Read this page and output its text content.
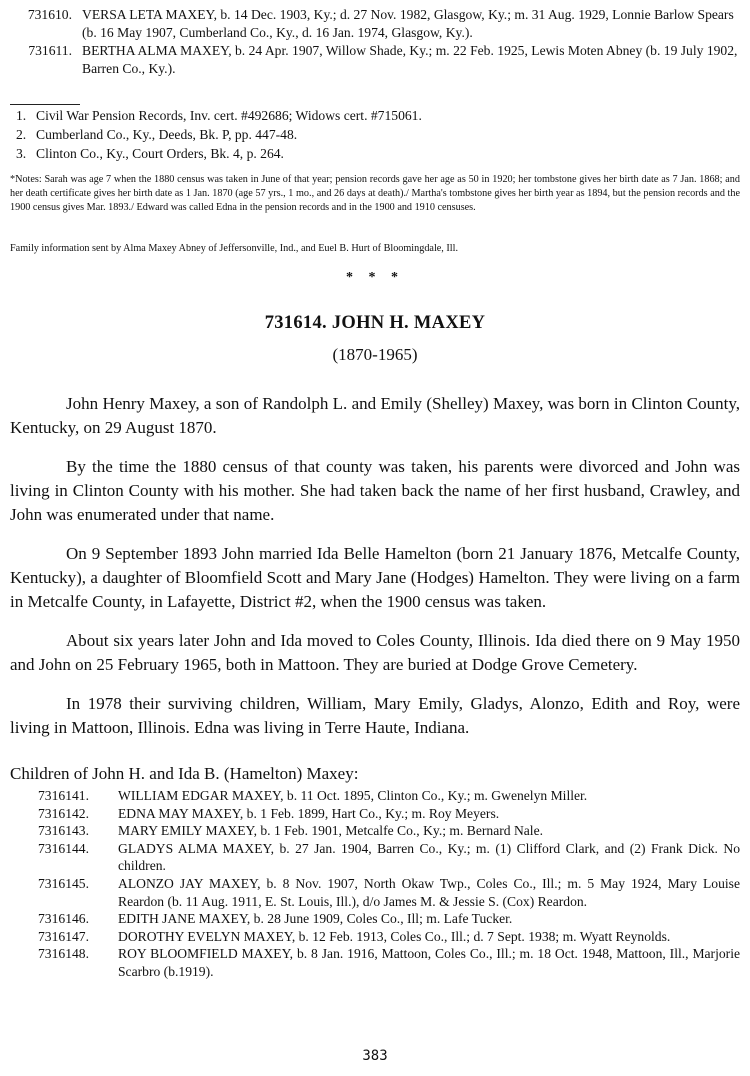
731610. VERSA LETA MAXEY, b. 14 Dec. 1903, Ky.; d. 27 Nov. 1982, Glasgow, Ky.; m. 31 Aug. 1929, Lonnie Barlow Spears (b. 16 May 1907, Cumberland Co., Ky., d. 16 Jan. 1974, Glasgow, Ky.).
731611. BERTHA ALMA MAXEY, b. 24 Apr. 1907, Willow Shade, Ky.; m. 22 Feb. 1925, Lewis Moten Abney (b. 19 July 1902, Barren Co., Ky.).
1. Civil War Pension Records, Inv. cert. #492686; Widows cert. #715061.
2. Cumberland Co., Ky., Deeds, Bk. P, pp. 447-48.
3. Clinton Co., Ky., Court Orders, Bk. 4, p. 264.
*Notes: Sarah was age 7 when the 1880 census was taken in June of that year; pension records gave her age as 50 in 1920; her tombstone gives her birth date as 7 Jan. 1868; and her death certificate gives her birth date as 1 Jan. 1870 (age 57 yrs., 1 mo., and 26 days at death)./ Martha's tombstone gives her birth year as 1894, but the pension records and the 1900 census gives Mar. 1893./ Edward was called Edna in the pension records and in the 1900 and 1910 censuses.
Family information sent by Alma Maxey Abney of Jeffersonville, Ind., and Euel B. Hurt of Bloomingdale, Ill.
* * *
731614. JOHN H. MAXEY
(1870-1965)

John Henry Maxey, a son of Randolph L. and Emily (Shelley) Maxey, was born in Clinton County, Kentucky, on 29 August 1870.

By the time the 1880 census of that county was taken, his parents were divorced and John was living in Clinton County with his mother. She had taken back the name of her first husband, Crawley, and John was enumerated under that name.

On 9 September 1893 John married Ida Belle Hamelton (born 21 January 1876, Metcalfe County, Kentucky), a daughter of Bloomfield Scott and Mary Jane (Hodges) Hamelton. They were living on a farm in Metcalfe County, in Lafayette, District #2, when the 1900 census was taken.

About six years later John and Ida moved to Coles County, Illinois. Ida died there on 9 May 1950 and John on 25 February 1965, both in Mattoon. They are buried at Dodge Grove Cemetery.

In 1978 their surviving children, William, Mary Emily, Gladys, Alonzo, Edith and Roy, were living in Mattoon, Illinois. Edna was living in Terre Haute, Indiana.

Children of John H. and Ida B. (Hamelton) Maxey:
7316141.	WILLIAM EDGAR MAXEY, b. 11 Oct. 1895, Clinton Co., Ky.; m. Gwenelyn Miller.
7316142.	EDNA MAY MAXEY, b. 1 Feb. 1899, Hart Co., Ky.; m. Roy Meyers.
7316143.	MARY EMILY MAXEY, b. 1 Feb. 1901, Metcalfe Co., Ky.; m. Bernard Nale.
7316144.	GLADYS ALMA MAXEY, b. 27 Jan. 1904, Barren Co., Ky.; m. (1) Clifford Clark, and (2) Frank Dick. No children.
7316145.	ALONZO JAY MAXEY, b. 8 Nov. 1907, North Okaw Twp., Coles Co., Ill.; m. 5 May 1924, Mary Louise Reardon (b. 11 Aug. 1911, E. St. Louis, Ill.), d/o James M. & Jessie S. (Cox) Reardon.
7316146.	EDITH JANE MAXEY, b. 28 June 1909, Coles Co., Ill; m. Lafe Tucker.
7316147.	DOROTHY EVELYN MAXEY, b. 12 Feb. 1913, Coles Co., Ill.; d. 7 Sept. 1938; m. Wyatt Reynolds.
7316148.	ROY BLOOMFIELD MAXEY, b. 8 Jan. 1916, Mattoon, Coles Co., Ill.; m. 18 Oct. 1948, Mattoon, Ill., Marjorie Scarbro (b.1919).
383
